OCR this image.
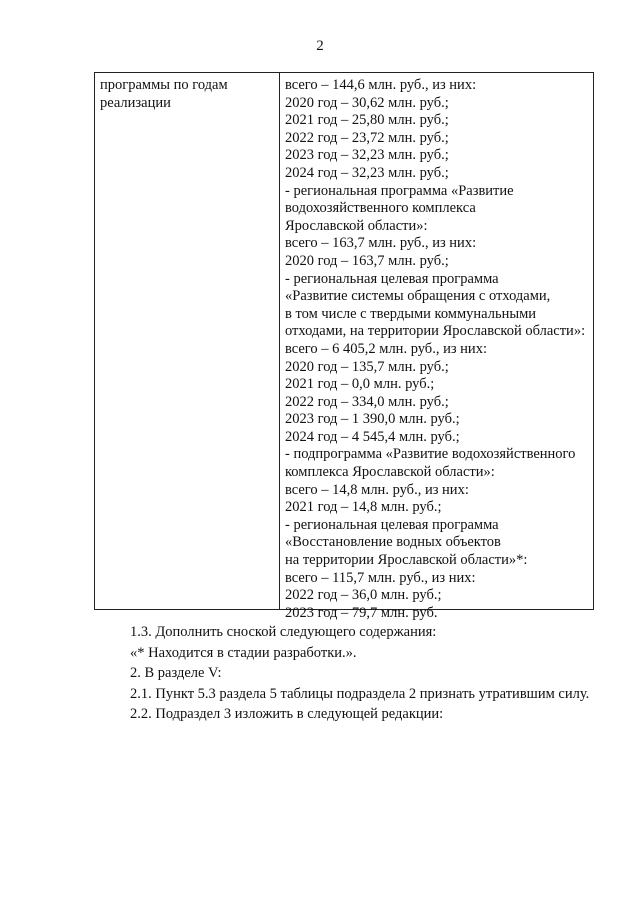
2
программы по годам
реализации
всего – 144,6 млн. руб., из них:
2020 год – 30,62 млн. руб.;
2021 год – 25,80 млн. руб.;
2022 год – 23,72 млн. руб.;
2023 год – 32,23 млн. руб.;
2024 год – 32,23 млн. руб.;
- региональная программа «Развитие
водохозяйственного комплекса
Ярославской области»:
всего – 163,7 млн. руб., из них:
2020 год – 163,7 млн. руб.;
- региональная целевая программа
«Развитие системы обращения с отходами,
в том числе с твердыми коммунальными
отходами, на территории Ярославской области»:
всего – 6 405,2 млн. руб., из них:
2020 год – 135,7 млн. руб.;
2021 год – 0,0 млн. руб.;
2022 год – 334,0 млн. руб.;
2023 год – 1 390,0 млн. руб.;
2024 год – 4 545,4 млн. руб.;
- подпрограмма «Развитие водохозяйственного
комплекса Ярославской области»:
всего – 14,8 млн. руб., из них:
2021 год – 14,8 млн. руб.;
- региональная целевая программа
«Восстановление водных объектов
на территории Ярославской области»*:
всего – 115,7 млн. руб., из них:
2022 год – 36,0 млн. руб.;
2023 год – 79,7 млн. руб.

1.3. Дополнить сноской следующего содержания:

«* Находится в стадии разработки.».

2. В разделе V:

2.1. Пункт 5.3 раздела 5 таблицы подраздела 2 признать утратившим силу.

2.2. Подраздел 3 изложить в следующей редакции:
